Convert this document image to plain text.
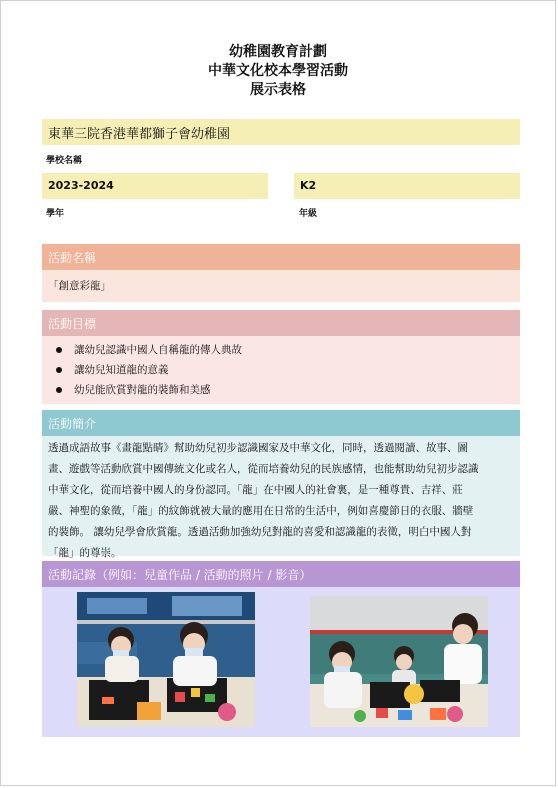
幼稚園教育計劃
中華文化校本學習活動
展示表格
東華三院香港華都獅子會幼稚園
學校名稱
2023-2024
學年
K2
年級
活動名稱
「創意彩龍」
活動目標
讓幼兒認識中國人自稱龍的傳人典故
讓幼兒知道龍的意義
幼兒能欣賞對龍的裝飾和美感
活動簡介
透過成語故事《畫龍點睛》幫助幼兒初步認識國家及中華文化，同時，透過閱讀、故事、圖
畫、遊戲等活動欣賞中國傳統文化或名人，從而培養幼兒的民族感情，也能幫助幼兒初步認識
中華文化，從而培養中國人的身份認同。「龍」在中國人的社會裏，是一種尊貴、吉祥、莊
嚴、神聖的象徵，「龍」的紋飾就被大量的應用在日常的生活中，例如喜慶節日的衣服、牆壁
的裝飾。 讓幼兒學會欣賞龍。透過活動加強幼兒對龍的喜愛和認識龍的表徵，明白中國人對
「龍」的尊崇。
活動記錄（例如：兒童作品 / 活動的照片 / 影音）
